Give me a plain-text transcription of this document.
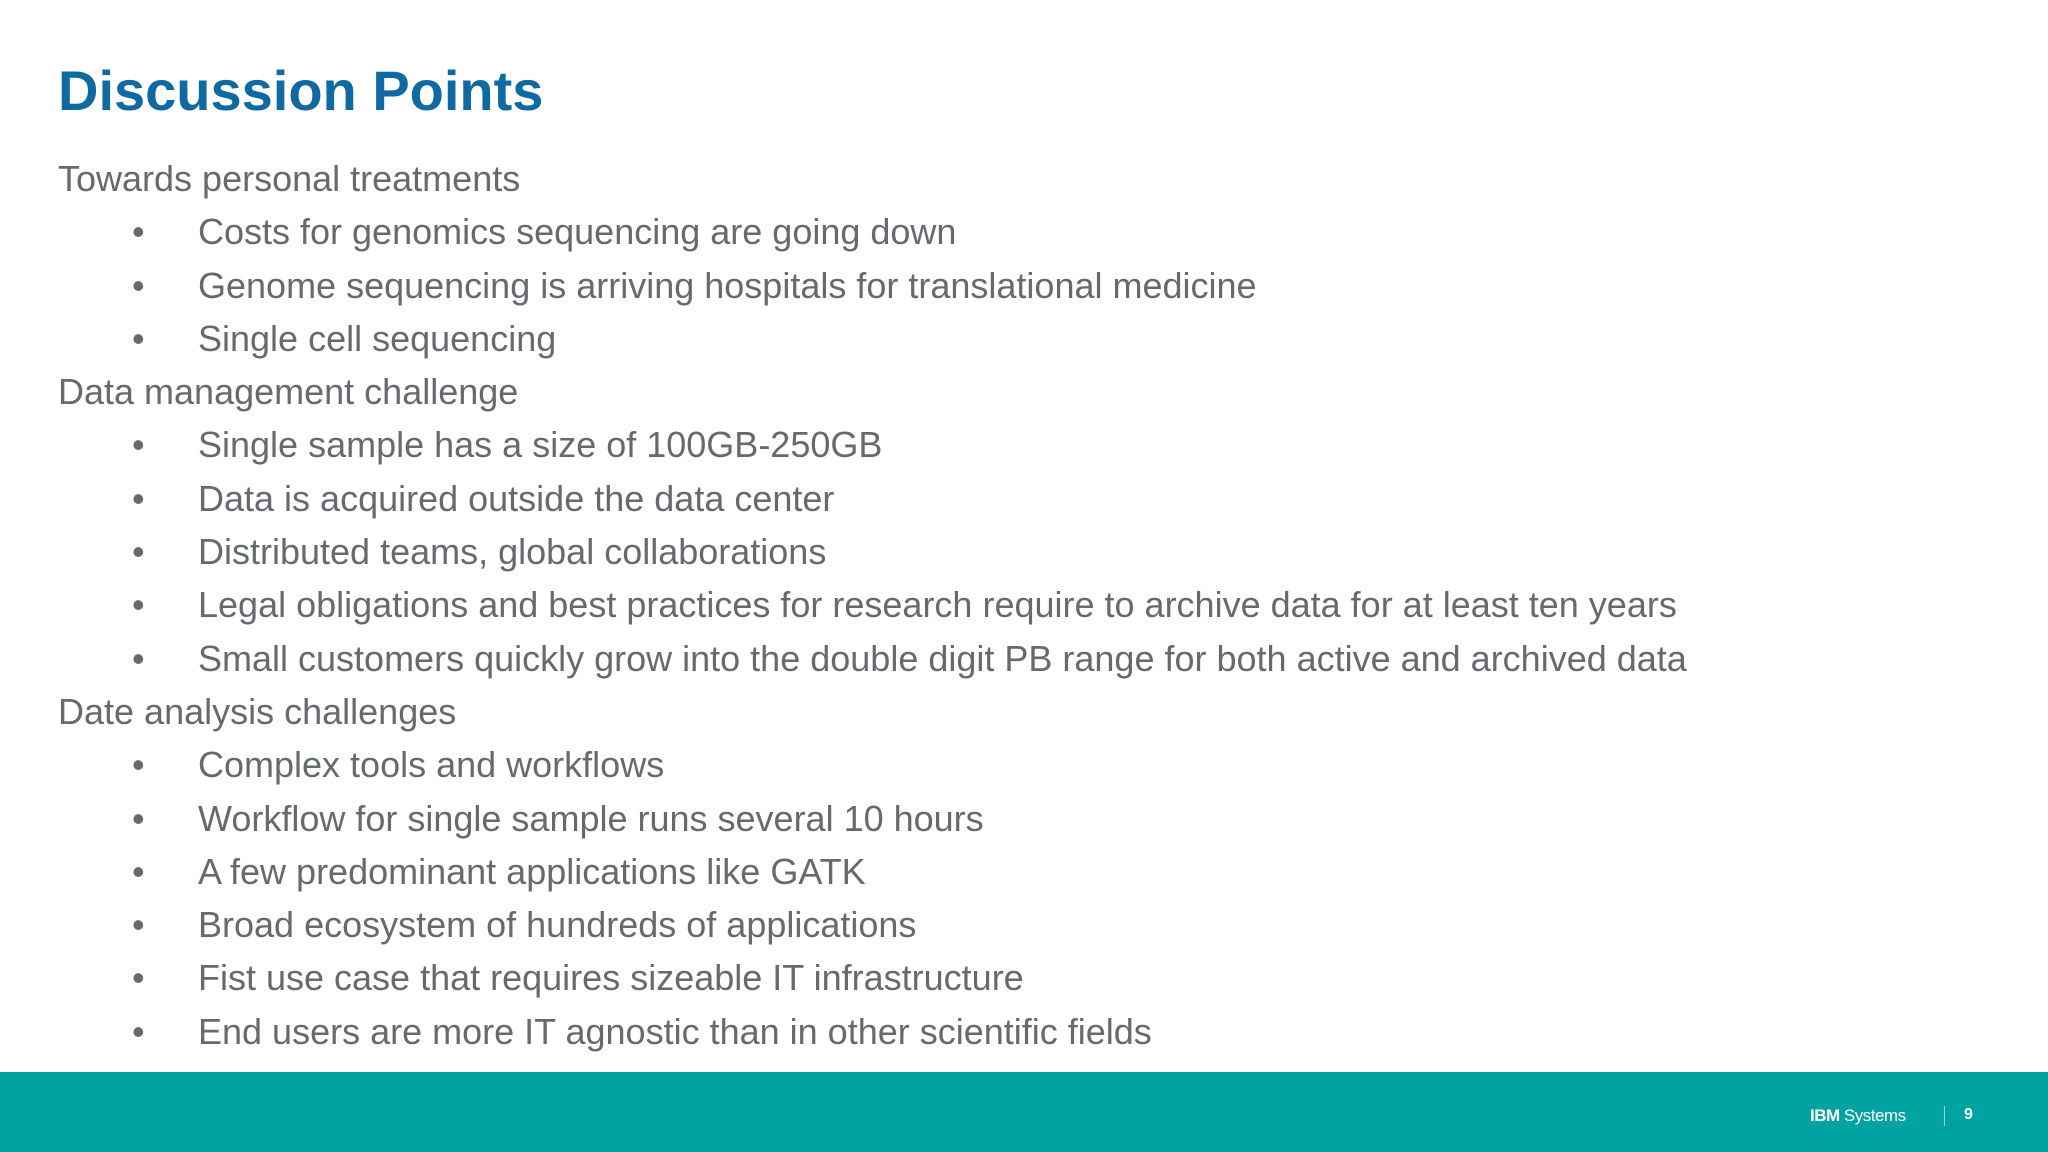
Discussion Points
Towards personal treatments
• Costs for genomics sequencing are going down
• Genome sequencing is arriving hospitals for translational medicine
• Single cell sequencing
Data management challenge
• Single sample has a size of 100GB-250GB
• Data is acquired outside the data center
• Distributed teams, global collaborations
• Legal obligations and best practices for research require to archive data for at least ten years
• Small customers quickly grow into the double digit PB range for both active and archived data
Date analysis challenges
• Complex tools and workflows
• Workflow for single sample runs several 10 hours
• A few predominant applications like GATK
• Broad ecosystem of hundreds of applications
• Fist use case that requires sizeable IT infrastructure
• End users are more IT agnostic than in other scientific fields
IBM Systems	9
